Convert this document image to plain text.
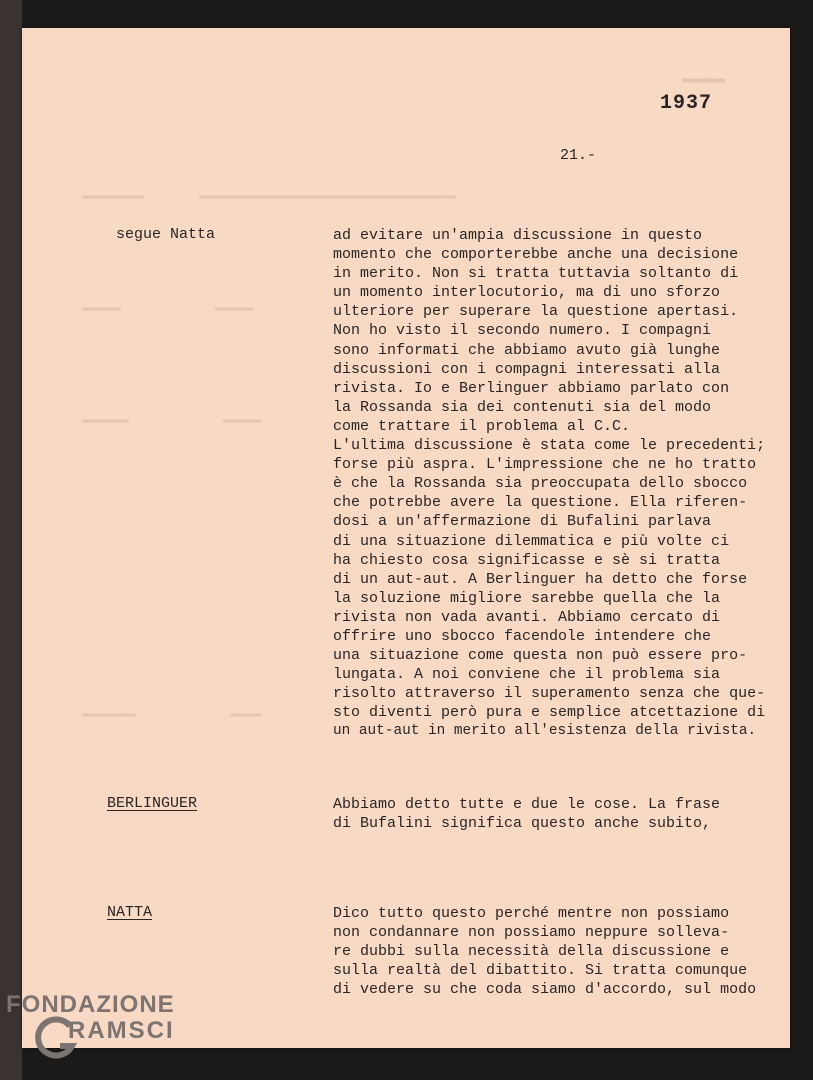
▬▬▬▬
▬▬▬▬▬▬▬▬       ▬▬▬▬▬▬▬▬▬▬▬▬▬▬▬▬▬▬▬▬▬▬▬▬▬▬▬▬▬▬▬▬▬
▬▬▬▬▬            ▬▬▬▬▬
▬▬▬▬▬▬            ▬▬▬▬▬
▬▬▬▬▬▬▬            ▬▬▬▬
1937
21.-
segue Natta	ad evitare un'ampia discussione in questo
momento che comporterebbe anche una decisione
in merito. Non si tratta tuttavia soltanto di
un momento interlocutorio, ma di uno sforzo
ulteriore per superare la questione apertasi.
Non ho visto il secondo numero. I compagni
sono informati che abbiamo avuto già lunghe
discussioni con i compagni interessati alla
rivista. Io e Berlinguer abbiamo parlato con
la Rossanda sia dei contenuti sia del modo
come trattare il problema al C.C.
L'ultima discussione è stata come le precedenti;
forse più aspra. L'impressione che ne ho tratto
è che la Rossanda sia preoccupata dello sbocco
che potrebbe avere la questione. Ella riferen-
dosi a un'affermazione di Bufalini parlava
di una situazione dilemmatica e più volte ci
ha chiesto cosa significasse e sè si tratta
di un aut-aut. A Berlinguer ha detto che forse
la soluzione migliore sarebbe quella che la
rivista non vada avanti. Abbiamo cercato di
offrire uno sbocco facendole intendere che
una situazione come questa non può essere pro-
lungata. A noi conviene che il problema sia
risolto attraverso il superamento senza che que-
sto diventi però pura e semplice atcettazione di
un aut-aut in merito all'esistenza della rivista.
BERLINGUER	Abbiamo detto tutte e due le cose. La frase
di Bufalini significa questo anche subito,
NATTA	Dico tutto questo perché mentre non possiamo
non condannare non possiamo neppure solleva-
re dubbi sulla necessità della discussione e
sulla realtà del dibattito. Si tratta comunque
di vedere su che coda siamo d'accordo, sul modo
FONDAZIONE
RAMSCI
